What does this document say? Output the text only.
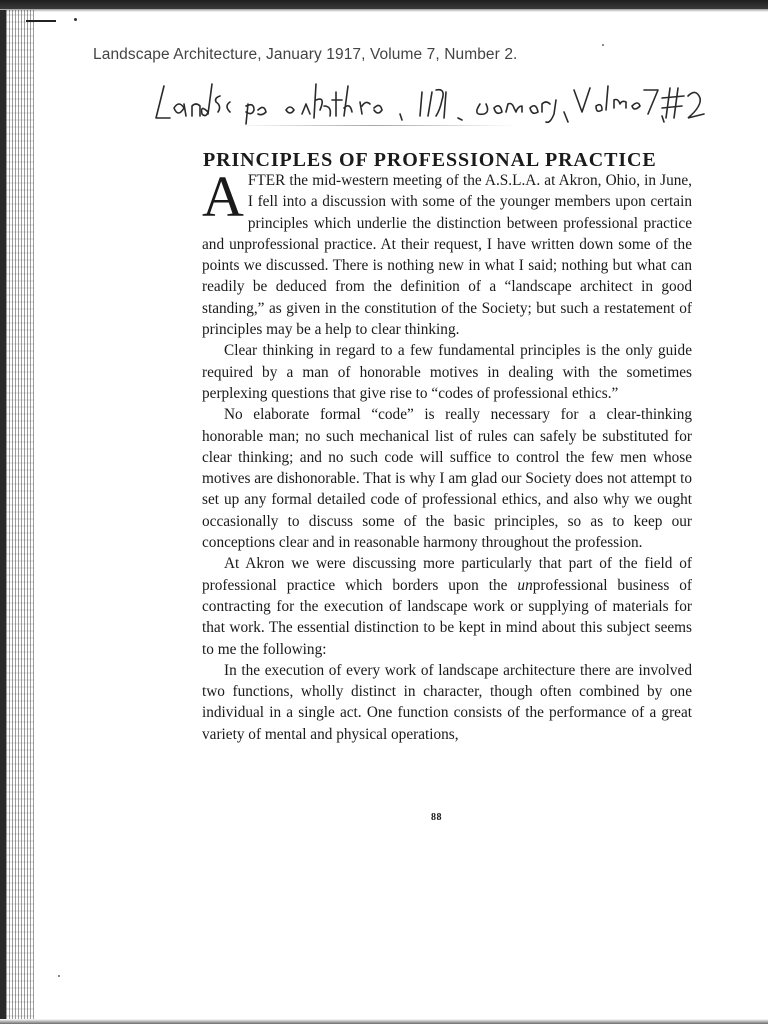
Landscape Architecture, January 1917, Volume 7, Number 2.
PRINCIPLES OF PROFESSIONAL PRACTICE

AFTER the mid-western meeting of the A.S.L.A. at Akron, Ohio, in June, I fell into a discussion with some of the younger members upon certain principles which underlie the distinction between professional practice and unprofessional practice. At their request, I have written down some of the points we discussed. There is nothing new in what I said; nothing but what can readily be deduced from the definition of a “landscape architect in good standing,” as given in the constitution of the Society; but such a restatement of principles may be a help to clear thinking.

Clear thinking in regard to a few fundamental principles is the only guide required by a man of honorable motives in dealing with the sometimes perplexing questions that give rise to “codes of professional ethics.”

No elaborate formal “code” is really necessary for a clear-thinking honorable man; no such mechanical list of rules can safely be substituted for clear thinking; and no such code will suffice to control the few men whose motives are dishonorable. That is why I am glad our Society does not attempt to set up any formal detailed code of professional ethics, and also why we ought occasionally to discuss some of the basic principles, so as to keep our conceptions clear and in reasonable harmony throughout the profession.

At Akron we were discussing more particularly that part of the field of professional practice which borders upon the unprofessional business of contracting for the execution of landscape work or supplying of materials for that work. The essential distinction to be kept in mind about this subject seems to me the following:

In the execution of every work of landscape architecture there are involved two functions, wholly distinct in character, though often combined by one individual in a single act. One function consists of the performance of a great variety of mental and physical operations,

88
